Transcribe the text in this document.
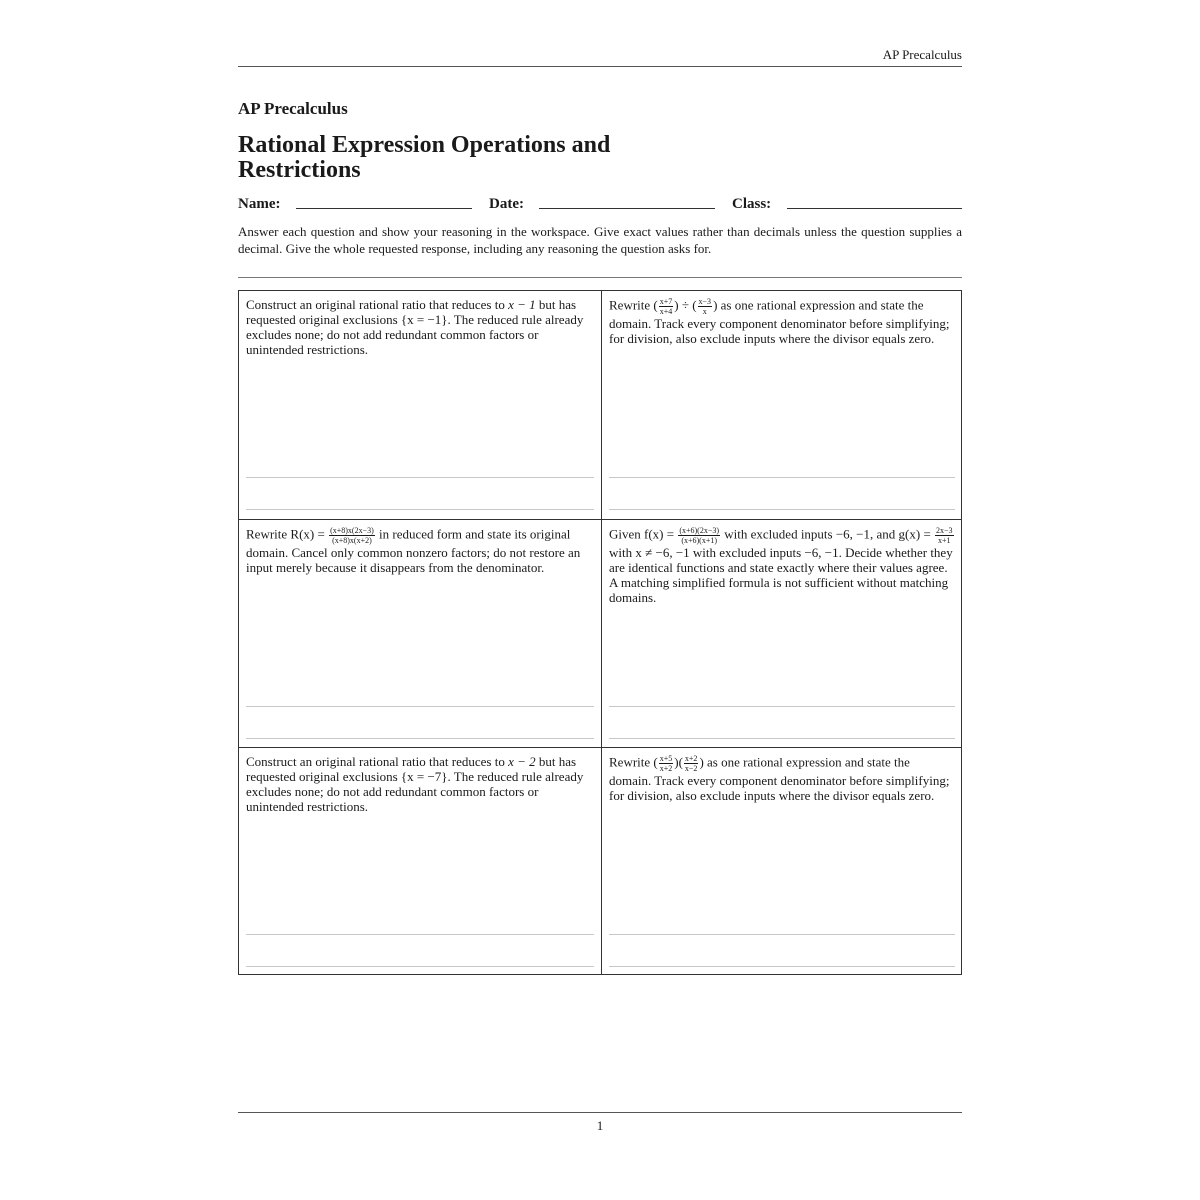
AP Precalculus
AP Precalculus
Rational Expression Operations and Restrictions
Name:	Date:	Class:
Answer each question and show your reasoning in the workspace. Give exact values rather than decimals unless the question supplies a decimal. Give the whole requested response, including any reasoning the question asks for.
Construct an original rational ratio that reduces to x − 1 but has requested original exclusions {x = −1}. The reduced rule already excludes none; do not add redundant common factors or unintended restrictions.
Rewrite ( $\frac{x+7}{x+4}$ ) ÷ ( $\frac{x-3}{x}$ ) as one rational expression and state the domain. Track every component denominator before simplifying; for division, also exclude inputs where the divisor equals zero.
Rewrite $R(x) = \frac{(x+8)x(2x-3)}{(x+8)x(x+2)}$ in reduced form and state its original domain. Cancel only common nonzero factors; do not restore an input merely because it disappears from the denominator.
Given $f(x) = \frac{(x+6)(2x-3)}{(x+6)(x+1)}$ with excluded inputs −6, −1, and $g(x) = \frac{2x-3}{x+1}$
with x ≠ −6, −1 with excluded inputs −6, −1. Decide whether they are identical functions and state exactly where their values agree. A matching simplified formula is not sufficient without matching domains.
Construct an original rational ratio that reduces to x − 2 but has requested original exclusions {x = −7}. The reduced rule already excludes none; do not add redundant common factors or unintended restrictions.
Rewrite ( $\frac{x+5}{x+2}$ )( $\frac{x+2}{x-2}$ ) as one rational expression and state the domain. Track every component denominator before simplifying; for division, also exclude inputs where the divisor equals zero.
1
